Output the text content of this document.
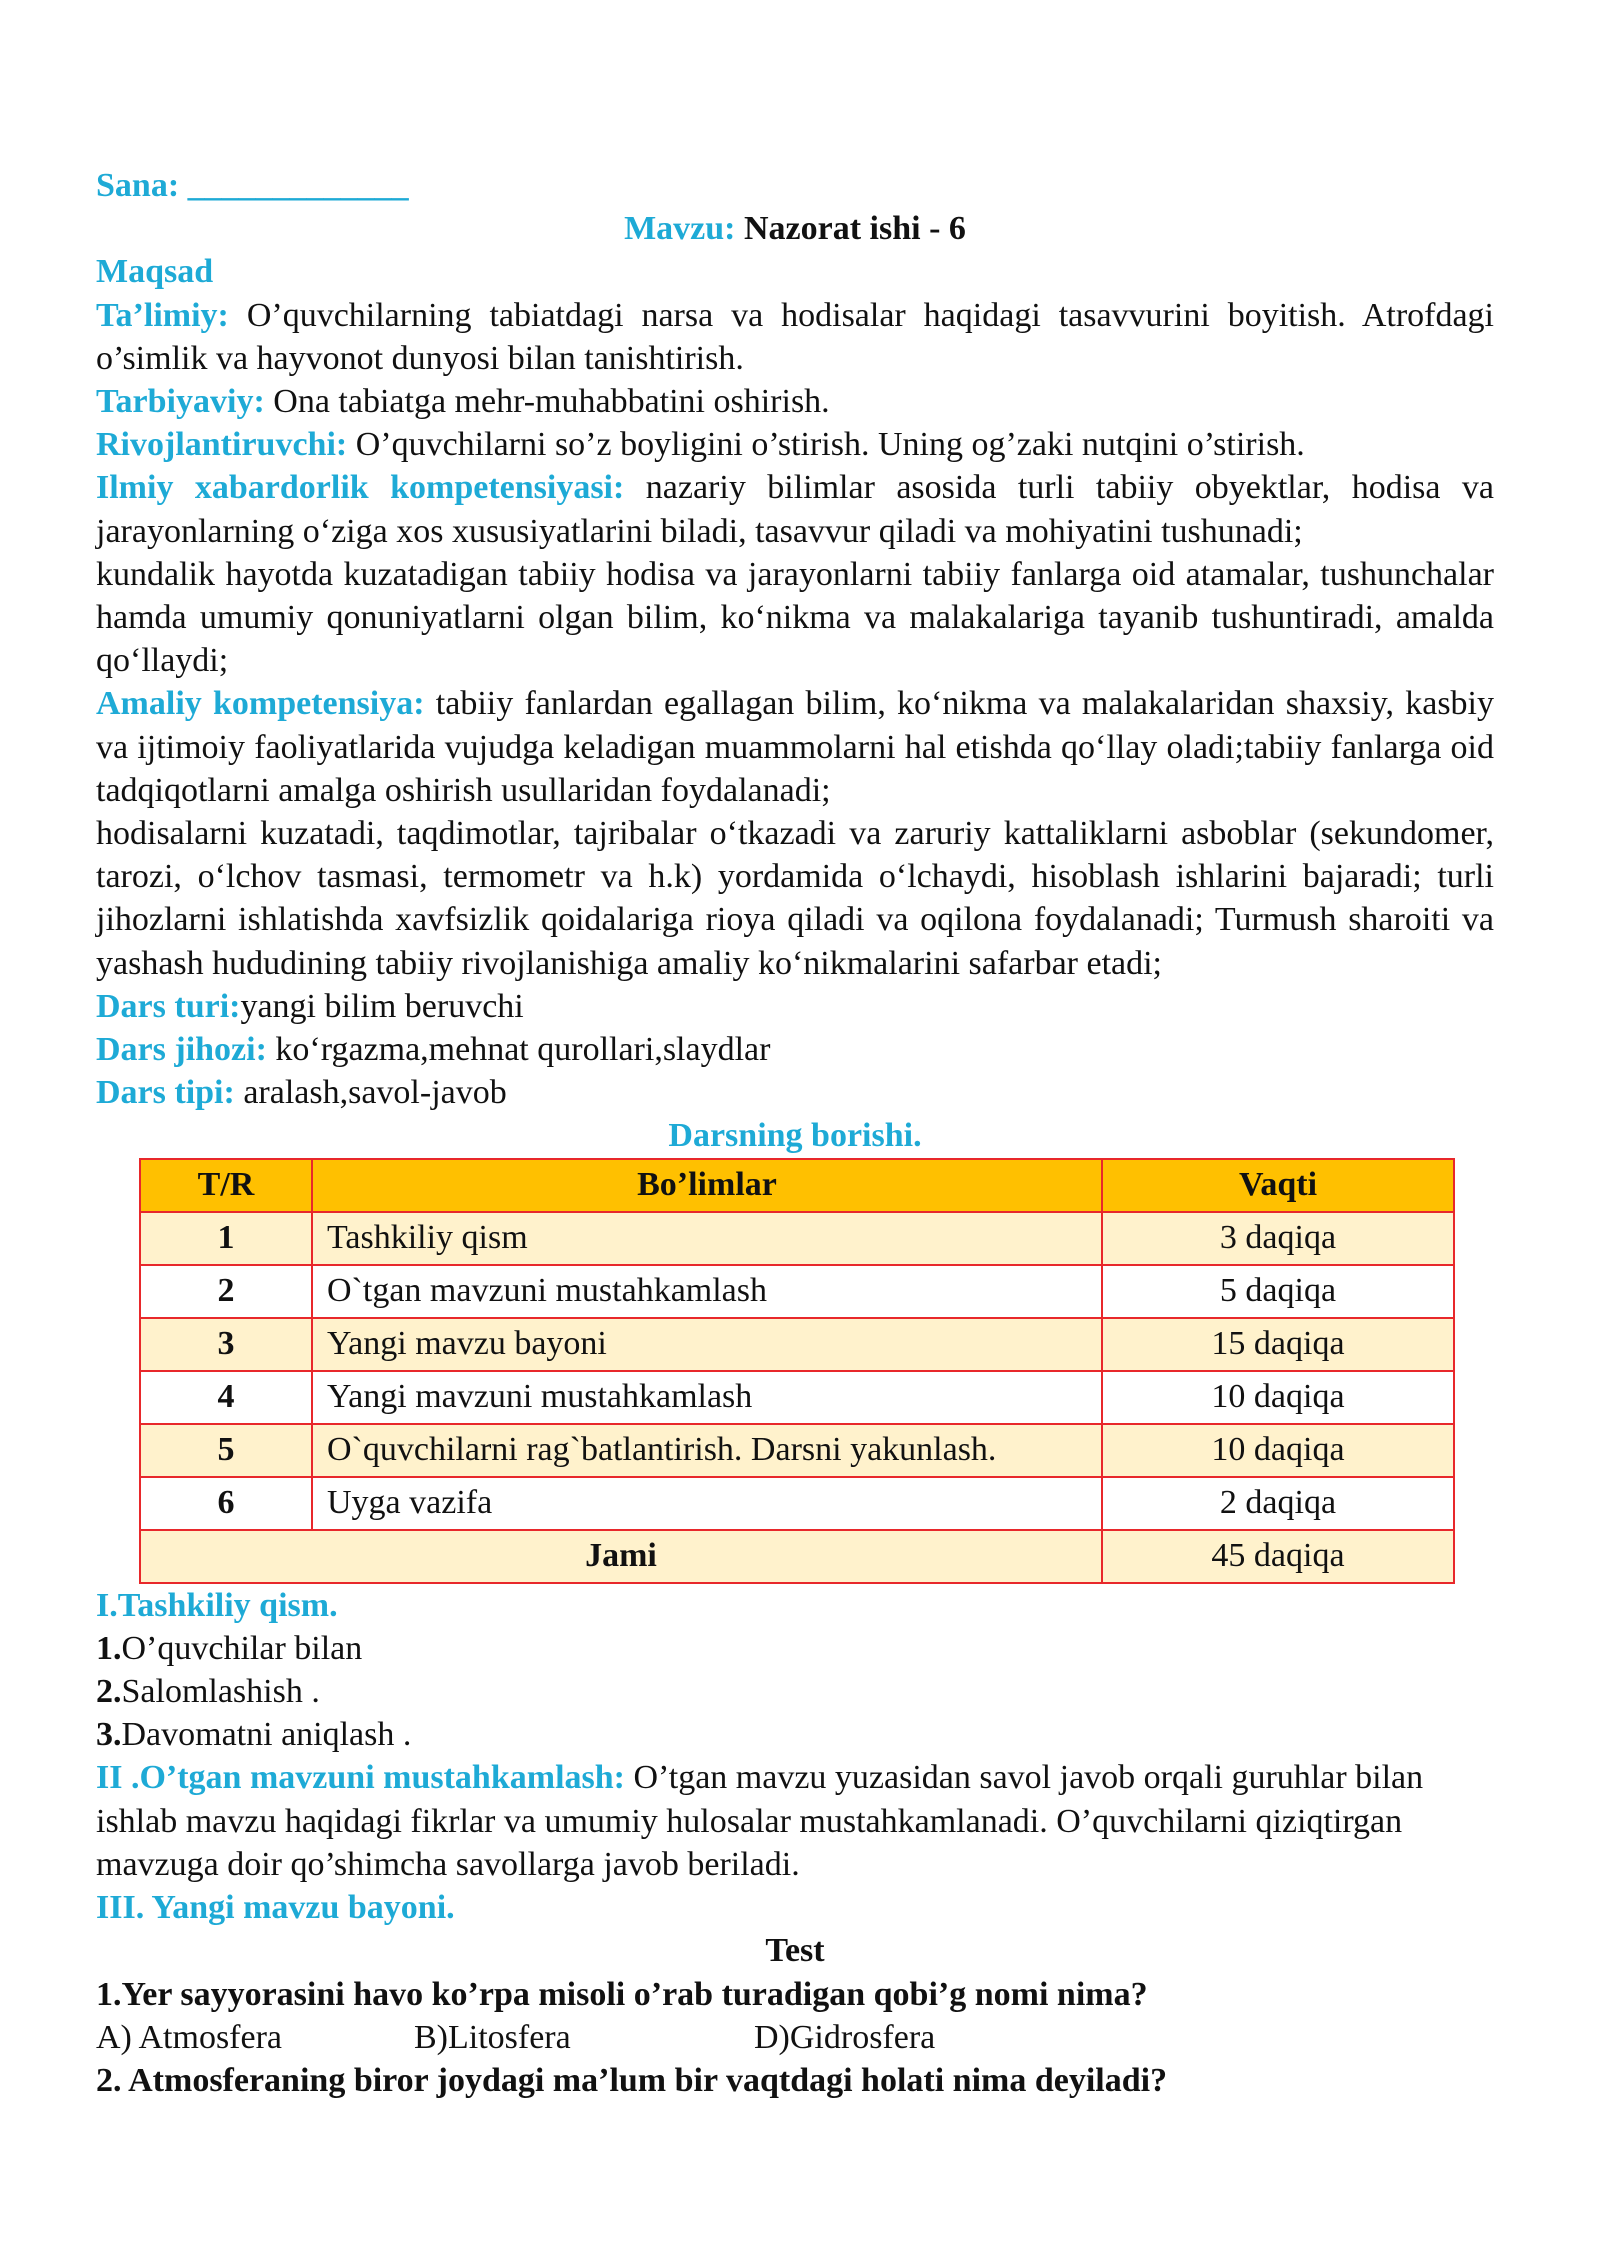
Sana: _____________
Mavzu: Nazorat ishi - 6
Maqsad
Ta’limiy: O’quvchilarning tabiatdagi narsa va hodisalar haqidagi tasavvurini boyitish. Atrofdagi o’simlik va hayvonot dunyosi bilan tanishtirish.
Tarbiyaviy: Ona tabiatga mehr-muhabbatini oshirish.
Rivojlantiruvchi: O’quvchilarni so’z boyligini o’stirish. Uning og’zaki nutqini o’stirish.
Ilmiy xabardorlik kompetensiyasi: nazariy bilimlar asosida turli tabiiy obyektlar, hodisa va jarayonlarning o‘ziga xos xususiyatlarini biladi, tasavvur qiladi va mohiyatini tushunadi;
kundalik hayotda kuzatadigan tabiiy hodisa va jarayonlarni tabiiy fanlarga oid atamalar, tushunchalar hamda umumiy qonuniyatlarni olgan bilim, ko‘nikma va malakalariga tayanib tushuntiradi, amalda qo‘llaydi;
Amaliy kompetensiya: tabiiy fanlardan egallagan bilim, ko‘nikma va malakalaridan shaxsiy, kasbiy va ijtimoiy faoliyatlarida vujudga keladigan muammolarni hal etishda qo‘llay oladi;tabiiy fanlarga oid tadqiqotlarni amalga oshirish usullaridan foydalanadi;
hodisalarni kuzatadi, taqdimotlar, tajribalar o‘tkazadi va zaruriy kattaliklarni asboblar (sekundomer, tarozi, o‘lchov tasmasi, termometr va h.k) yordamida o‘lchaydi, hisoblash ishlarini bajaradi; turli jihozlarni ishlatishda xavfsizlik qoidalariga rioya qiladi va oqilona foydalanadi; Turmush sharoiti va yashash hududining tabiiy rivojlanishiga amaliy ko‘nikmalarini safarbar etadi;
Dars turi:yangi bilim beruvchi
Dars jihozi: ko‘rgazma,mehnat qurollari,slaydlar
Dars tipi: aralash,savol-javob
Darsning borishi.
T/R	Bo’limlar	Vaqti
1	Tashkiliy qism	3 daqiqa
2	O`tgan mavzuni mustahkamlash	5 daqiqa
3	Yangi mavzu bayoni	15 daqiqa
4	Yangi mavzuni mustahkamlash	10 daqiqa
5	O`quvchilarni rag`batlantirish. Darsni yakunlash.	10 daqiqa
6	Uyga vazifa	2 daqiqa
Jami		45 daqiqa
I.Tashkiliy qism.
1.O’quvchilar bilan
2.Salomlashish .
3.Davomatni aniqlash .
II .O’tgan mavzuni mustahkamlash: O’tgan mavzu yuzasidan savol javob orqali guruhlar bilan ishlab mavzu haqidagi fikrlar va umumiy hulosalar mustahkamlanadi. O’quvchilarni qiziqtirgan mavzuga doir qo’shimcha savollarga javob beriladi.
III. Yangi mavzu bayoni.
Test
1.Yer sayyorasini havo ko’rpa misoli o’rab turadigan qobi’g nomi nima?
A) Atmosfera	B)Litosfera	D)Gidrosfera
2. Atmosferaning biror joydagi ma’lum bir vaqtdagi holati nima deyiladi?
